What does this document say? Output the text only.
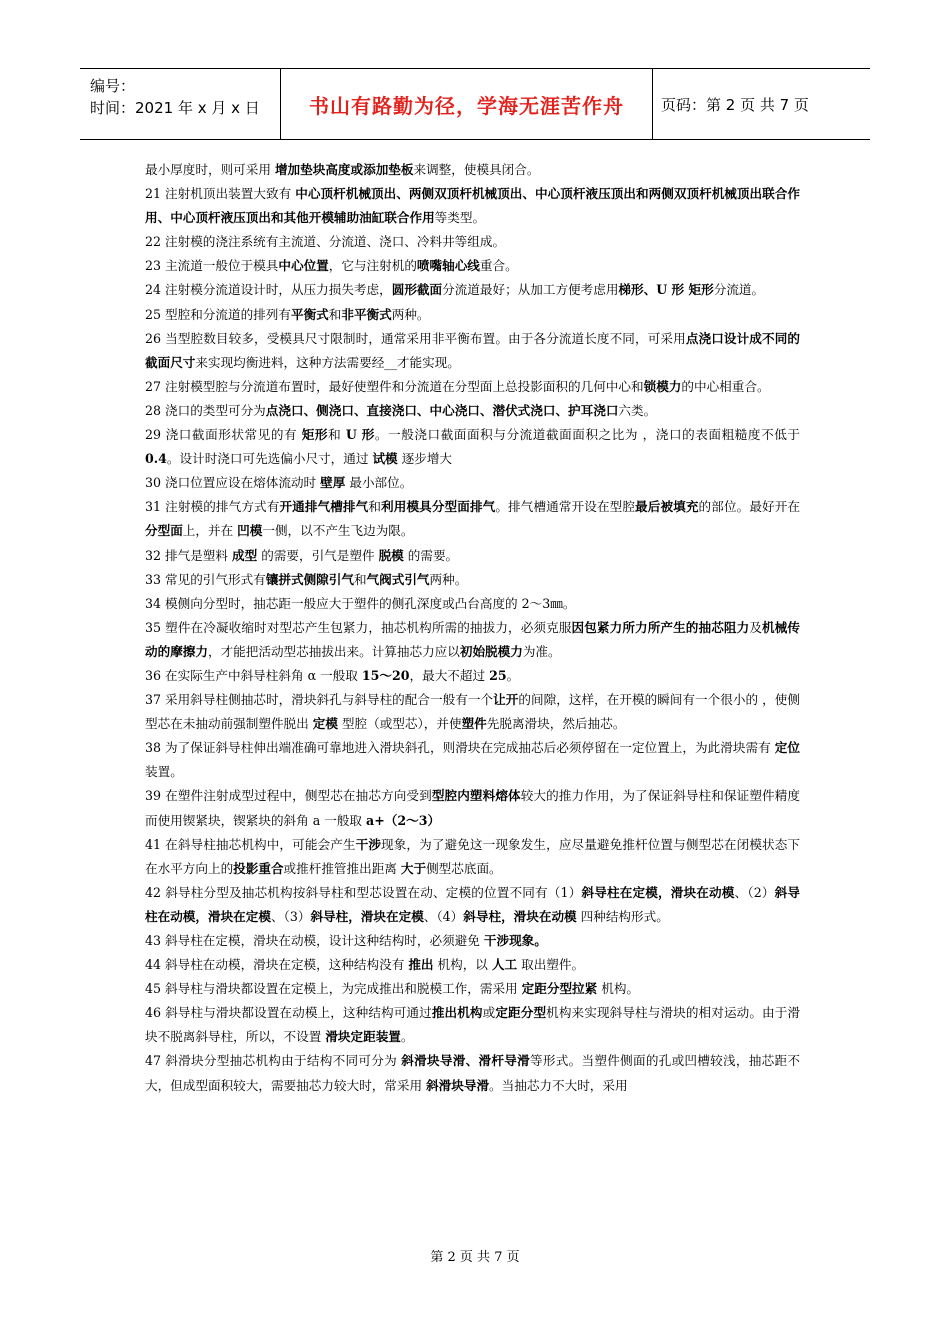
编号：
时间：2021 年 x 月 x 日	书山有路勤为径，学海无涯苦作舟 页码：第 2 页 共 7 页

最小厚度时，则可采用 增加垫块高度或添加垫板来调整，使模具闭合。

21 注射机顶出装置大致有 中心顶杆机械顶出、两侧双顶杆机械顶出、中心顶杆液压顶出和两侧双顶杆机械顶出联合作用、中心顶杆液压顶出和其他开模辅助油缸联合作用等类型。

22 注射模的浇注系统有主流道、分流道、浇口、冷料井等组成。

23 主流道一般位于模具中心位置，它与注射机的喷嘴轴心线重合。

24 注射模分流道设计时，从压力损失考虑，圆形截面分流道最好；从加工方便考虑用梯形、U 形 矩形分流道。

25 型腔和分流道的排列有平衡式和非平衡式两种。

26 当型腔数目较多，受模具尺寸限制时，通常采用非平衡布置。由于各分流道长度不同，可采用点浇口设计成不同的截面尺寸来实现均衡进料，这种方法需要经__才能实现。

27 注射模型腔与分流道布置时，最好使塑件和分流道在分型面上总投影面积的几何中心和锁模力的中心相重合。

28 浇口的类型可分为点浇口、侧浇口、直接浇口、中心浇口、潜伏式浇口、护耳浇口六类。

29 浇口截面形状常见的有 矩形和 U 形。一般浇口截面面积与分流道截面面积之比为 ，浇口的表面粗糙度不低于 0.4。设计时浇口可先选偏小尺寸，通过 试模 逐步增大

30 浇口位置应设在熔体流动时 壁厚 最小部位。

31 注射模的排气方式有开通排气槽排气和利用模具分型面排气。排气槽通常开设在型腔最后被填充的部位。最好开在分型面上，并在 凹模一侧，以不产生飞边为限。

32 排气是塑料 成型 的需要，引气是塑件 脱模 的需要。

33 常见的引气形式有镶拼式侧隙引气和气阀式引气两种。

34 模侧向分型时，抽芯距一般应大于塑件的侧孔深度或凸台高度的 2～3㎜。

35 塑件在冷凝收缩时对型芯产生包紧力，抽芯机构所需的抽拔力，必须克服因包紧力所力所产生的抽芯阻力及机械传动的摩擦力，才能把活动型芯抽拔出来。计算抽芯力应以初始脱模力为准。

36 在实际生产中斜导柱斜角 α 一般取 15～20，最大不超过 25。

37 采用斜导柱侧抽芯时，滑块斜孔与斜导柱的配合一般有一个让开的间隙，这样，在开模的瞬间有一个很小的 ，使侧型芯在未抽动前强制塑件脱出 定模 型腔（或型芯），并使塑件先脱离滑块，然后抽芯。

38 为了保证斜导柱伸出端准确可靠地进入滑块斜孔，则滑块在完成抽芯后必须停留在一定位置上，为此滑块需有 定位 装置。

39 在塑件注射成型过程中，侧型芯在抽芯方向受到型腔内塑料熔体较大的推力作用，为了保证斜导柱和保证塑件精度而使用锲紧块，锲紧块的斜角 a 一般取 a+（2～3）

41 在斜导柱抽芯机构中，可能会产生干涉现象，为了避免这一现象发生，应尽量避免推杆位置与侧型芯在闭模状态下在水平方向上的投影重合或推杆推管推出距离 大于侧型芯底面。

42 斜导柱分型及抽芯机构按斜导柱和型芯设置在动、定模的位置不同有（1）斜导柱在定模，滑块在动模、（2）斜导柱在动模，滑块在定模、（3）斜导柱，滑块在定模、（4）斜导柱，滑块在动模 四种结构形式。

43 斜导柱在定模，滑块在动模，设计这种结构时，必须避免 干涉现象。

44 斜导柱在动模，滑块在定模，这种结构没有 推出 机构，以 人工 取出塑件。

45 斜导柱与滑块都设置在定模上，为完成推出和脱模工作，需采用 定距分型拉紧 机构。

46 斜导柱与滑块都设置在动模上，这种结构可通过推出机构或定距分型机构来实现斜导柱与滑块的相对运动。由于滑块不脱离斜导柱，所以，不设置 滑块定距装置。

47 斜滑块分型抽芯机构由于结构不同可分为 斜滑块导滑、滑杆导滑等形式。当塑件侧面的孔或凹槽较浅，抽芯距不大，但成型面积较大，需要抽芯力较大时，常采用 斜滑块导滑。当抽芯力不大时，采用

第 2 页 共 7 页
